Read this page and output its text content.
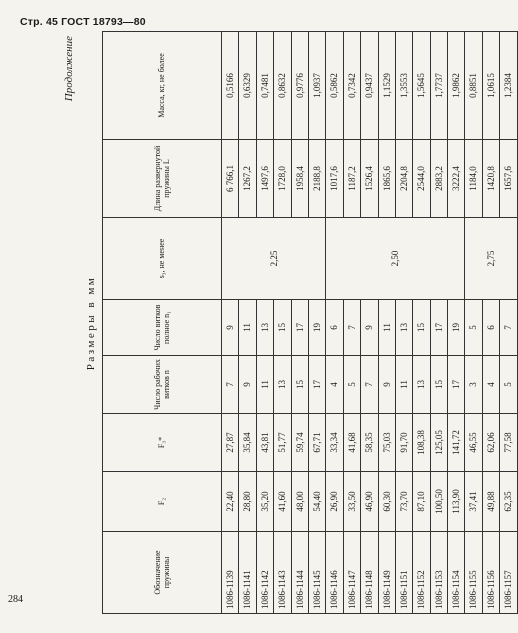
Стр. 45 ГОСТ 18793—80
284
Продолжение
Размеры в мм
Обозначение пружины	F₂	F₃*	Число рабочих витков n	Число витков полное n₁	s₃, не менее	Длина развернутой пружины L	Масса, кг, не более
1086-1139	22,40	27,87	7	9	2,25	6 766,1	0,5166
1086-1141	28,80	35,84	9	11		1267,2	0,6329
1086-1142	35,20	43,81	11	13		1497,6	0,7481
1086-1143	41,60	51,77	13	15		1728,0	0,8632
1086-1144	48,00	59,74	15	17		1958,4	0,9776
1086-1145	54,40	67,71	17	19		2188,8	1,0937
1086-1146	26,90	33,34	4	6	2,50	1017,6	0,5862
1086-1147	33,50	41,68	5	7		1187,2	0,7342
1086-1148	46,90	58,35	7	9		1526,4	0,9437
1086-1149	60,30	75,03	9	11		1865,6	1,1529
1086-1151	73,70	91,70	11	13		2204,8	1,3553
1086-1152	87,10	108,38	13	15		2544,0	1,5645
1086-1153	100,50	125,05	15	17		2883,2	1,7737
1086-1154	113,90	141,72	17	19		3222,4	1,9862
1086-1155	37,41	46,55	3	5	2,75	1184,0	0,8851
1086-1156	49,88	62,06	4	6		1420,8	1,0615
1086-1157	62,35	77,58	5	7		1657,6	1,2384
